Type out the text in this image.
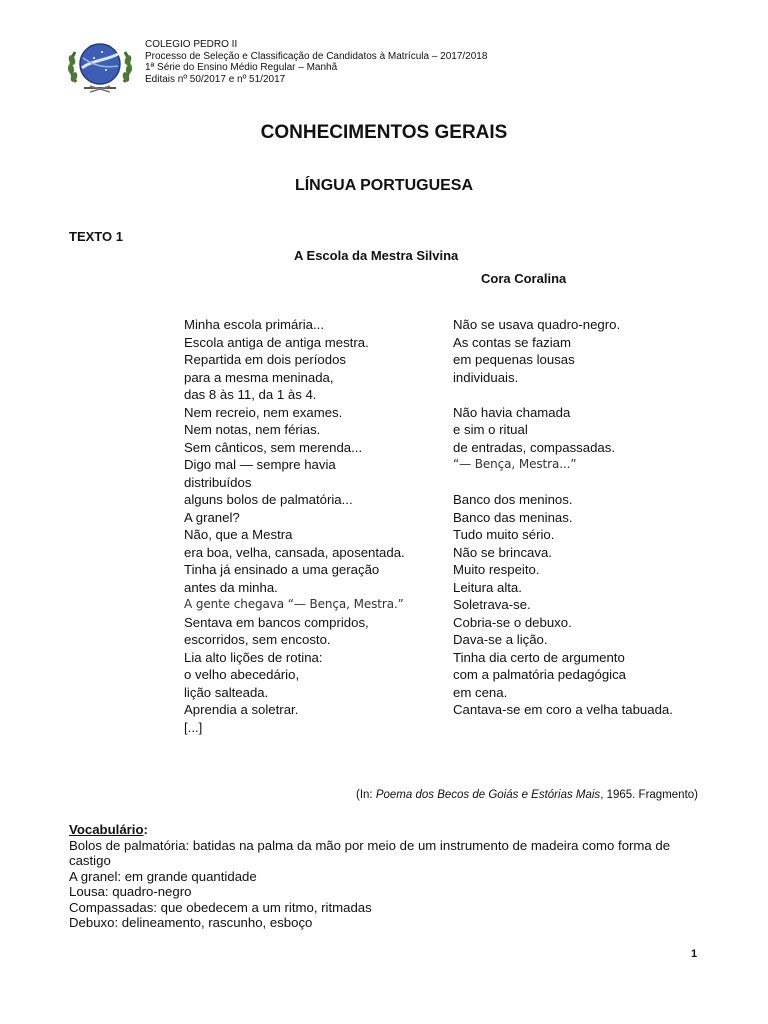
COLEGIO PEDRO II
Processo de Seleção e Classificação de Candidatos à Matrícula – 2017/2018
1ª Série do Ensino Médio Regular – Manhã
Editais nº 50/2017 e nº 51/2017
CONHECIMENTOS GERAIS
LÍNGUA PORTUGUESA
TEXTO 1
A Escola da Mestra Silvina
Cora Coralina
Minha escola primária...
Escola antiga de antiga mestra.
Repartida em dois períodos
para a mesma meninada,
das 8 às 11, da 1 às 4.
Nem recreio, nem exames.
Nem notas, nem férias.
Sem cânticos, sem merenda...
Digo mal — sempre havia
distribuídos
alguns bolos de palmatória...
A granel?
Não, que a Mestra
era boa, velha, cansada, aposentada.
Tinha já ensinado a uma geração
antes da minha.
A gente chegava “— Bença, Mestra.”
Sentava em bancos compridos,
escorridos, sem encosto.
Lia alto lições de rotina:
o velho abecedário,
lição salteada.
Aprendia a soletrar.
[...]
Não se usava quadro-negro.
As contas se faziam
em pequenas lousas
individuais.
Não havia chamada
e sim o ritual
de entradas, compassadas.
“— Bença, Mestra...”
Banco dos meninos.
Banco das meninas.
Tudo muito sério.
Não se brincava.
Muito respeito.
Leitura alta.
Soletrava-se.
Cobria-se o debuxo.
Dava-se a lição.
Tinha dia certo de argumento
com a palmatória pedagógica
em cena.
Cantava-se em coro a velha tabuada.
(In: Poema dos Becos de Goiás e Estórias Mais, 1965. Fragmento)
Vocabulário:
Bolos de palmatória: batidas na palma da mão por meio de um instrumento de madeira como forma de castigo
A granel: em grande quantidade
Lousa: quadro-negro
Compassadas: que obedecem a um ritmo, ritmadas
Debuxo: delineamento, rascunho, esboço
1
